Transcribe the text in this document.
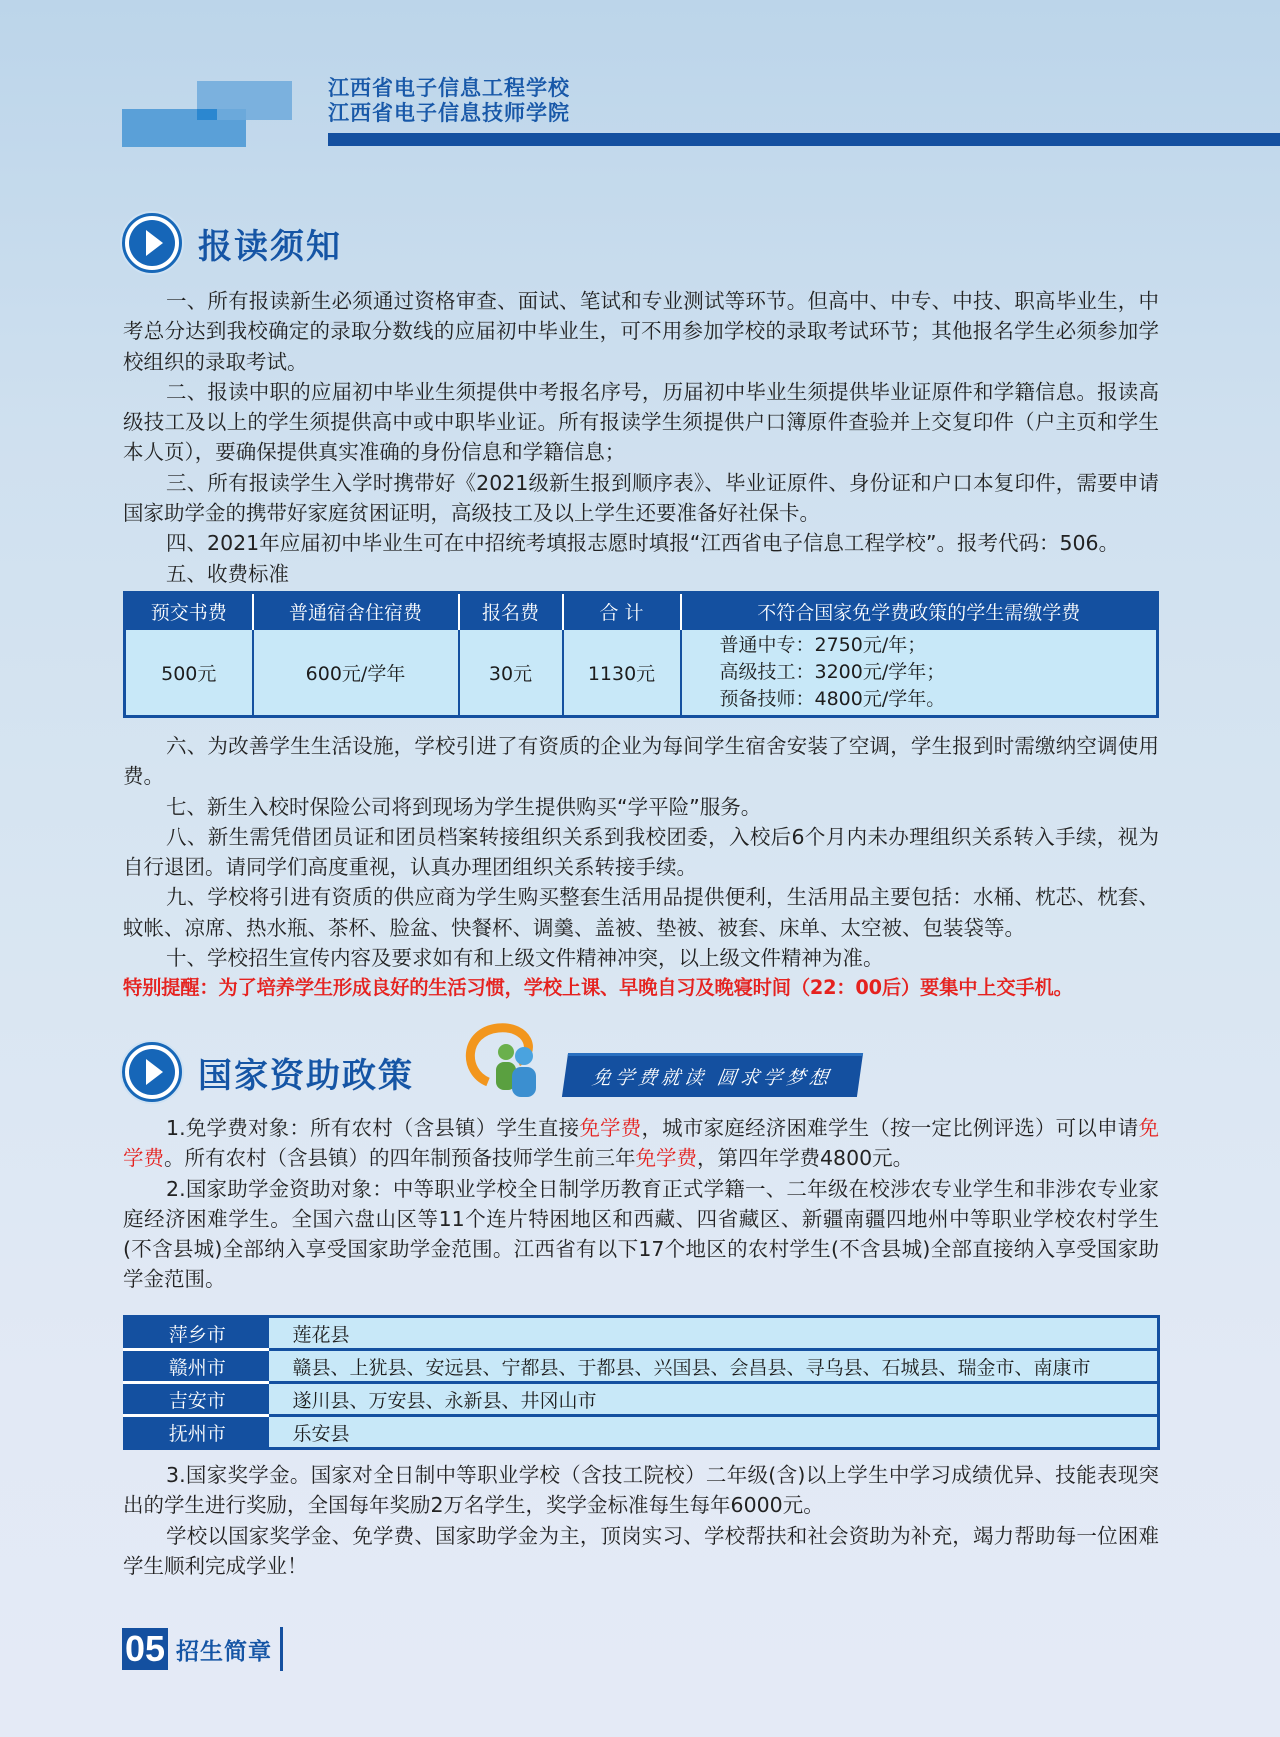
江西省电子信息工程学校
江西省电子信息技师学院
报读须知

一、所有报读新生必须通过资格审查、面试、笔试和专业测试等环节。但高中、中专、中技、职高毕业生，中考总分达到我校确定的录取分数线的应届初中毕业生，可不用参加学校的录取考试环节；其他报名学生必须参加学校组织的录取考试。

二、报读中职的应届初中毕业生须提供中考报名序号，历届初中毕业生须提供毕业证原件和学籍信息。报读高级技工及以上的学生须提供高中或中职毕业证。所有报读学生须提供户口簿原件查验并上交复印件（户主页和学生本人页），要确保提供真实准确的身份信息和学籍信息；

三、所有报读学生入学时携带好《2021级新生报到顺序表》、毕业证原件、身份证和户口本复印件，需要申请国家助学金的携带好家庭贫困证明，高级技工及以上学生还要准备好社保卡。

四、2021年应届初中毕业生可在中招统考填报志愿时填报“江西省电子信息工程学校”。报考代码：506。

五、收费标准

预交书费	普通宿舍住宿费	报名费	合 计	不符合国家免学费政策的学生需缴学费
500元	600元/学年	30元	1130元	普通中专：2750元/年；
高级技工：3200元/学年；
预备技师：4800元/学年。

六、为改善学生生活设施，学校引进了有资质的企业为每间学生宿舍安装了空调，学生报到时需缴纳空调使用费。

七、新生入校时保险公司将到现场为学生提供购买“学平险”服务。

八、新生需凭借团员证和团员档案转接组织关系到我校团委，入校后6个月内未办理组织关系转入手续，视为自行退团。请同学们高度重视，认真办理团组织关系转接手续。

九、学校将引进有资质的供应商为学生购买整套生活用品提供便利，生活用品主要包括：水桶、枕芯、枕套、蚊帐、凉席、热水瓶、茶杯、脸盆、快餐杯、调羹、盖被、垫被、被套、床单、太空被、包装袋等。

十、学校招生宣传内容及要求如有和上级文件精神冲突，以上级文件精神为准。

特别提醒：为了培养学生形成良好的生活习惯，学校上课、早晚自习及晚寝时间（22：00后）要集中上交手机。

国家资助政策	免学费就读 圆求学梦想

1.免学费对象：所有农村（含县镇）学生直接免学费，城市家庭经济困难学生（按一定比例评选）可以申请免学费。所有农村（含县镇）的四年制预备技师学生前三年免学费，第四年学费4800元。

2.国家助学金资助对象：中等职业学校全日制学历教育正式学籍一、二年级在校涉农专业学生和非涉农专业家庭经济困难学生。全国六盘山区等11个连片特困地区和西藏、四省藏区、新疆南疆四地州中等职业学校农村学生(不含县城)全部纳入享受国家助学金范围。江西省有以下17个地区的农村学生(不含县城)全部直接纳入享受国家助学金范围。

萍乡市	莲花县
赣州市	赣县、上犹县、安远县、宁都县、于都县、兴国县、会昌县、寻乌县、石城县、瑞金市、南康市
吉安市	遂川县、万安县、永新县、井冈山市
抚州市	乐安县

3.国家奖学金。国家对全日制中等职业学校（含技工院校）二年级(含)以上学生中学习成绩优异、技能表现突出的学生进行奖励，全国每年奖励2万名学生，奖学金标准每生每年6000元。

学校以国家奖学金、免学费、国家助学金为主，顶岗实习、学校帮扶和社会资助为补充，竭力帮助每一位困难学生顺利完成学业！

05 招生简章
